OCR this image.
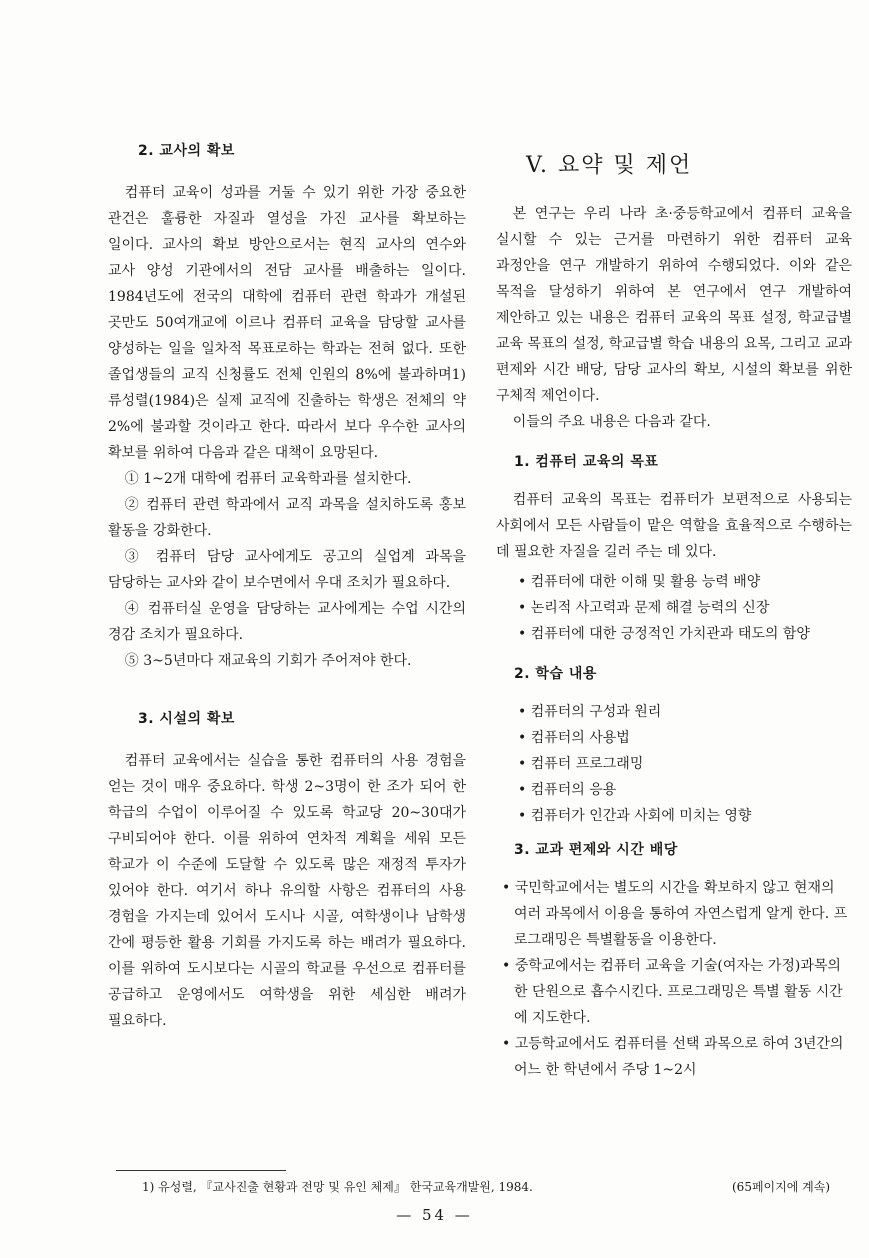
2. 교사의 확보

컴퓨터 교육이 성과를 거둘 수 있기 위한 가장 중요한 관건은 훌륭한 자질과 열성을 가진 교사를 확보하는 일이다. 교사의 확보 방안으로서는 현직 교사의 연수와 교사 양성 기관에서의 전담 교사를 배출하는 일이다. 1984년도에 전국의 대학에 컴퓨터 관련 학과가 개설된 곳만도 50여개교에 이르나 컴퓨터 교육을 담당할 교사를 양성하는 일을 일차적 목표로하는 학과는 전혀 없다. 또한 졸업생들의 교직 신청률도 전체 인원의 8%에 불과하며1) 류성렬(1984)은 실제 교직에 진출하는 학생은 전체의 약 2%에 불과할 것이라고 한다. 따라서 보다 우수한 교사의 확보를 위하여 다음과 같은 대책이 요망된다.

① 1~2개 대학에 컴퓨터 교육학과를 설치한다.

② 컴퓨터 관련 학과에서 교직 과목을 설치하도록 홍보 활동을 강화한다.

③ 컴퓨터 담당 교사에게도 공고의 실업계 과목을 담당하는 교사와 같이 보수면에서 우대 조치가 필요하다.

④ 컴퓨터실 운영을 담당하는 교사에게는 수업 시간의 경감 조치가 필요하다.

⑤ 3~5년마다 재교육의 기회가 주어져야 한다.

3. 시설의 확보

컴퓨터 교육에서는 실습을 통한 컴퓨터의 사용 경험을 얻는 것이 매우 중요하다. 학생 2~3명이 한 조가 되어 한 학급의 수업이 이루어질 수 있도록 학교당 20~30대가 구비되어야 한다. 이를 위하여 연차적 계획을 세워 모든 학교가 이 수준에 도달할 수 있도록 많은 재정적 투자가 있어야 한다. 여기서 하나 유의할 사항은 컴퓨터의 사용 경험을 가지는데 있어서 도시나 시골, 여학생이나 남학생 간에 평등한 활용 기회를 가지도록 하는 배려가 필요하다. 이를 위하여 도시보다는 시골의 학교를 우선으로 컴퓨터를 공급하고 운영에서도 여학생을 위한 세심한 배려가 필요하다.

V. 요약 및 제언

본 연구는 우리 나라 초·중등학교에서 컴퓨터 교육을 실시할 수 있는 근거를 마련하기 위한 컴퓨터 교육 과정안을 연구 개발하기 위하여 수행되었다. 이와 같은 목적을 달성하기 위하여 본 연구에서 연구 개발하여 제안하고 있는 내용은 컴퓨터 교육의 목표 설정, 학교급별 교육 목표의 설정, 학교급별 학습 내용의 요목, 그리고 교과 편제와 시간 배당, 담당 교사의 확보, 시설의 확보를 위한 구체적 제언이다.

이들의 주요 내용은 다음과 같다.

1. 컴퓨터 교육의 목표

컴퓨터 교육의 목표는 컴퓨터가 보편적으로 사용되는 사회에서 모든 사람들이 맡은 역할을 효율적으로 수행하는 데 필요한 자질을 길러 주는 데 있다.

• 컴퓨터에 대한 이해 및 활용 능력 배양
• 논리적 사고력과 문제 해결 능력의 신장
• 컴퓨터에 대한 긍정적인 가치관과 태도의 함양
2. 학습 내용
• 컴퓨터의 구성과 원리
• 컴퓨터의 사용법
• 컴퓨터 프로그래밍
• 컴퓨터의 응용
• 컴퓨터가 인간과 사회에 미치는 영향
3. 교과 편제와 시간 배당
• 국민학교에서는 별도의 시간을 확보하지 않고 현재의 여러 과목에서 이용을 통하여 자연스럽게 알게 한다. 프로그래밍은 특별활동을 이용한다.
• 중학교에서는 컴퓨터 교육을 기술(여자는 가정)과목의 한 단원으로 흡수시킨다. 프로그래밍은 특별 활동 시간에 지도한다.
• 고등학교에서도 컴퓨터를 선택 과목으로 하여 3년간의 어느 한 학년에서 주당 1~2시
1) 유성렬, 『교사진출 현황과 전망 및 유인 체제』 한국교육개발원, 1984.	(65페이지에 계속)
— 54 —
